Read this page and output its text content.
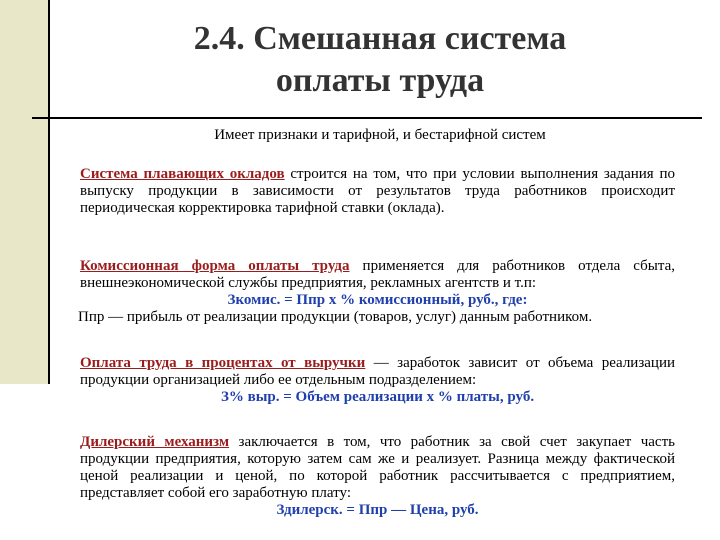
2.4. Смешанная система
оплаты труда
Имеет признаки и тарифной, и бестарифной систем
Система плавающих окладов строится на том, что при условии выполнения задания по выпуску продукции в зависимости от результатов труда работников происходит периодическая корректировка тарифной ставки (оклада).
Комиссионная форма оплаты труда применяется для работников отдела сбыта, внешнеэкономической службы предприятия, рекламных агентств и т.п:
Зкомис. = Ппр х % комиссионный, руб., где:
Ппр — прибыль от реализации продукции (товаров, услуг) данным работником.
Оплата труда в процентах от выручки — заработок зависит от объема реализации продукции организацией либо ее отдельным подразделением:
З% выр. = Объем реализации х % платы, руб.
Дилерский механизм заключается в том, что работник за свой счет закупает часть продукции предприятия, которую затем сам же и реализует. Разница между фактической ценой реализации и ценой, по которой работник рассчитывается с предприятием, представляет собой его заработную плату:
Здилерск. = Ппр — Цена, руб.
